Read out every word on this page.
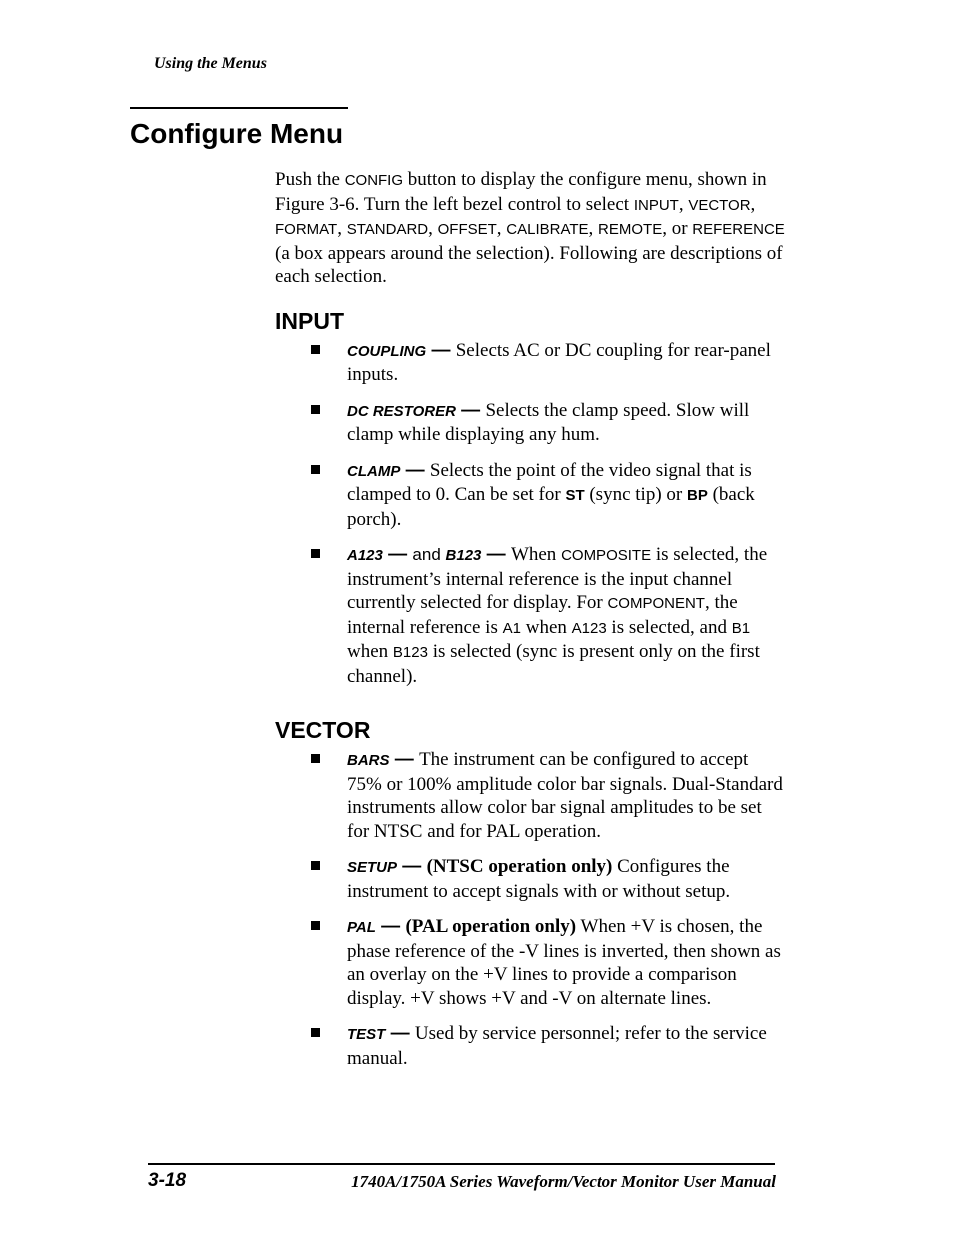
Using the Menus
Configure Menu

Push the CONFIG button to display the configure menu, shown in Figure 3-6. Turn the left bezel control to select INPUT, VECTOR, FORMAT, STANDARD, OFFSET, CALIBRATE, REMOTE, or REFERENCE (a box appears around the selection). Following are descriptions of each selection.

INPUT
COUPLING — Selects AC or DC coupling for rear-panel inputs.
DC RESTORER — Selects the clamp speed. Slow will clamp while displaying any hum.
CLAMP — Selects the point of the video signal that is clamped to 0. Can be set for ST (sync tip) or BP (back porch).
A123 — and B123 — When COMPOSITE is selected, the instrument’s internal reference is the input channel currently selected for display. For COMPONENT, the internal reference is A1 when A123 is selected, and B1 when B123 is selected (sync is present only on the first channel).
VECTOR
BARS — The instrument can be configured to accept 75% or 100% amplitude color bar signals. Dual-Standard instruments allow color bar signal amplitudes to be set for NTSC and for PAL operation.
SETUP — (NTSC operation only) Configures the instrument to accept signals with or without setup.
PAL — (PAL operation only) When +V is chosen, the phase reference of the -V lines is inverted, then shown as an overlay on the +V lines to provide a comparison display. +V shows +V and -V on alternate lines.
TEST — Used by service personnel; refer to the service manual.
3-18	1740A/1750A Series Waveform/Vector Monitor User Manual
